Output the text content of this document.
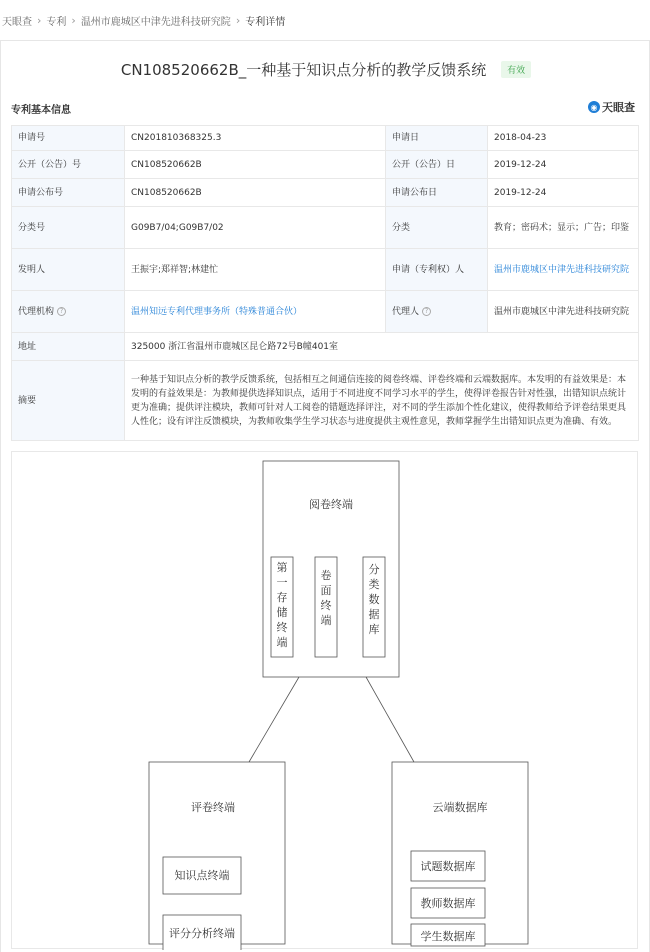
天眼查 › 专利 › 温州市鹿城区中津先进科技研究院 › 专利详情
CN108520662B_一种基于知识点分析的教学反馈系统 有效
专利基本信息	◉ 天眼查
申请号	CN201810368325.3	申请日	2018-04-23
公开（公告）号	CN108520662B	公开（公告）日	2019-12-24
申请公布号	CN108520662B	申请公布日	2019-12-24
分类号	G09B7/04;G09B7/02	分类	教育；密码术；显示；广告；印鉴
发明人	王振宇;郑祥智;林建忙	申请（专利权）人	温州市鹿城区中津先进科技研究院
代理机构 ?	温州知远专利代理事务所（特殊普通合伙）	代理人 ?	温州市鹿城区中津先进科技研究院
地址	325000 浙江省温州市鹿城区昆仑路72号B幢401室		
摘要	一种基于知识点分析的教学反馈系统，包括相互之间通信连接的阅卷终端、评卷终端和云端数据库。本发明的有益效果是：本发明的有益效果是：为教师提供选择知识点，适用于不同进度不同学习水平的学生，使得评卷报告针对性强，出错知识点统计更为准确；提供评注模块，教师可针对人工阅卷的错题选择评注，对不同的学生添加个性化建议，使得教师给予评卷结果更具人性化；设有评注反馈模块，为教师收集学生学习状态与进度提供主观性意见，教师掌握学生出错知识点更为准确、有效。		
阅卷终端
第一存储终端
卷面终端
分类数据库
评卷终端
知识点终端
评分分析终端
云端数据库
试题数据库
教师数据库
学生数据库
